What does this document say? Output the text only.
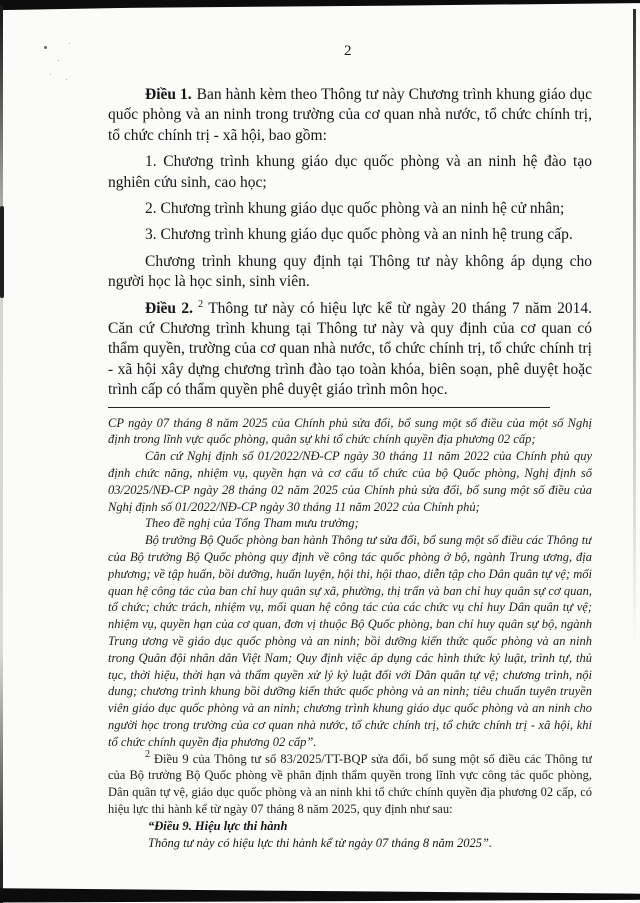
2

Điều 1. Ban hành kèm theo Thông tư này Chương trình khung giáo dục quốc phòng và an ninh trong trường của cơ quan nhà nước, tổ chức chính trị, tổ chức chính trị - xã hội, bao gồm:

1. Chương trình khung giáo dục quốc phòng và an ninh hệ đào tạo nghiên cứu sinh, cao học;

2. Chương trình khung giáo dục quốc phòng và an ninh hệ cử nhân;

3. Chương trình khung giáo dục quốc phòng và an ninh hệ trung cấp.

Chương trình khung quy định tại Thông tư này không áp dụng cho người học là học sinh, sinh viên.

Điều 2. $^2$ Thông tư này có hiệu lực kể từ ngày 20 tháng 7 năm 2014. Căn cứ Chương trình khung tại Thông tư này và quy định của cơ quan có thẩm quyền, trường của cơ quan nhà nước, tổ chức chính trị, tổ chức chính trị - xã hội xây dựng chương trình đào tạo toàn khóa, biên soạn, phê duyệt hoặc trình cấp có thẩm quyền phê duyệt giáo trình môn học.

CP ngày 07 tháng 8 năm 2025 của Chính phủ sửa đổi, bổ sung một số điều của một số Nghị định trong lĩnh vực quốc phòng, quân sự khi tổ chức chính quyền địa phương 02 cấp;

Căn cứ Nghị định số 01/2022/NĐ-CP ngày 30 tháng 11 năm 2022 của Chính phủ quy định chức năng, nhiệm vụ, quyền hạn và cơ cấu tổ chức của bộ Quốc phòng, Nghị định số 03/2025/NĐ-CP ngày 28 tháng 02 năm 2025 của Chính phủ sửa đổi, bổ sung một số điều của Nghị định số 01/2022/NĐ-CP ngày 30 tháng 11 năm 2022 của Chính phủ;

Theo đề nghị của Tổng Tham mưu trưởng;

Bộ trưởng Bộ Quốc phòng ban hành Thông tư sửa đổi, bổ sung một số điều các Thông tư của Bộ trưởng Bộ Quốc phòng quy định về công tác quốc phòng ở bộ, ngành Trung ương, địa phương; về tập huấn, bồi dưỡng, huấn luyện, hội thi, hội thao, diễn tập cho Dân quân tự vệ; mối quan hệ công tác của ban chỉ huy quân sự xã, phường, thị trấn và ban chỉ huy quân sự cơ quan, tổ chức; chức trách, nhiệm vụ, mối quan hệ công tác của các chức vụ chỉ huy Dân quân tự vệ; nhiệm vụ, quyền hạn của cơ quan, đơn vị thuộc Bộ Quốc phòng, ban chỉ huy quân sự bộ, ngành Trung ương về giáo dục quốc phòng và an ninh; bồi dưỡng kiến thức quốc phòng và an ninh trong Quân đội nhân dân Việt Nam; Quy định việc áp dụng các hình thức kỷ luật, trình tự, thủ tục, thời hiệu, thời hạn và thẩm quyền xử lý kỷ luật đối với Dân quân tự vệ; chương trình, nội dung; chương trình khung bồi dưỡng kiến thức quốc phòng và an ninh; tiêu chuẩn tuyên truyền viên giáo dục quốc phòng và an ninh; chương trình khung giáo dục quốc phòng và an ninh cho người học trong trường của cơ quan nhà nước, tổ chức chính trị, tổ chức chính trị - xã hội, khi tổ chức chính quyền địa phương 02 cấp”.

$^2$ Điều 9 của Thông tư số 83/2025/TT-BQP sửa đổi, bổ sung một số điều các Thông tư của Bộ trưởng Bộ Quốc phòng về phân định thẩm quyền trong lĩnh vực công tác quốc phòng, Dân quân tự vệ, giáo dục quốc phòng và an ninh khi tổ chức chính quyền địa phương 02 cấp, có hiệu lực thi hành kể từ ngày 07 tháng 8 năm 2025, quy định như sau:

“Điều 9. Hiệu lực thi hành

Thông tư này có hiệu lực thi hành kể từ ngày 07 tháng 8 năm 2025”.
